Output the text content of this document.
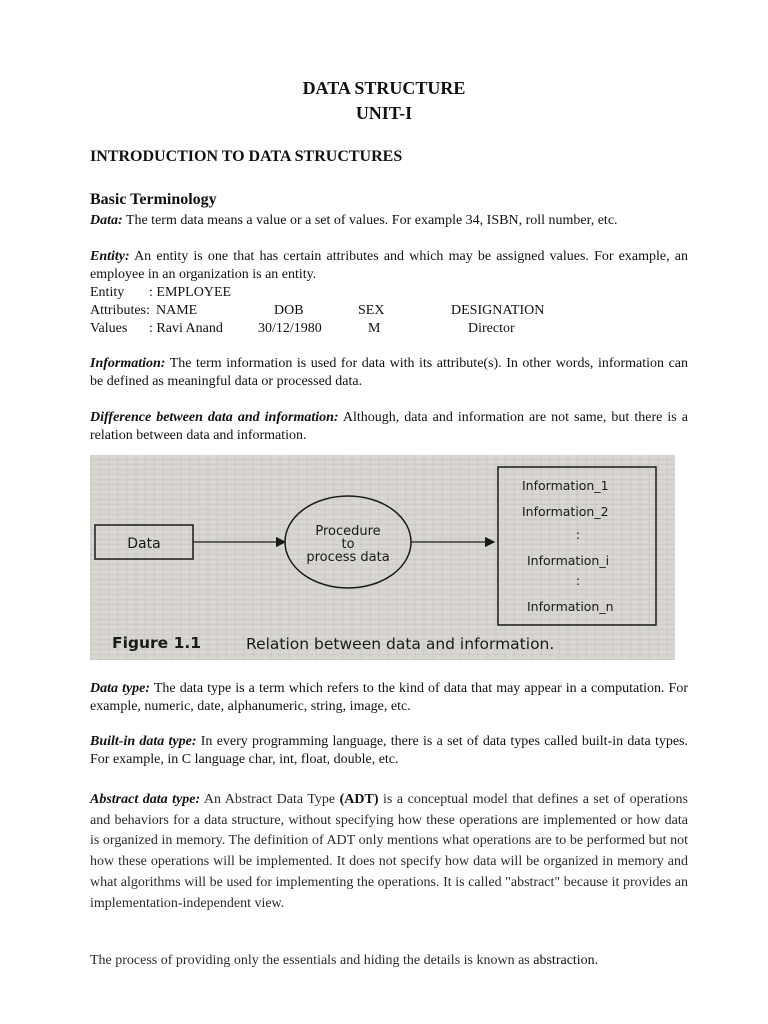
DATA STRUCTURE
UNIT-I
INTRODUCTION TO DATA STRUCTURES
Basic Terminology

Data: The term data means a value or a set of values. For example 34, ISBN, roll number, etc.

Entity: An entity is one that has certain attributes and which may be assigned values. For example, an employee in an organization is an entity.

Entity : EMPLOYEE
Attributes: NAME	DOB	SEX	DESIGNATION
Values : Ravi Anand	30/12/1980	M	Director

Information: The term information is used for data with its attribute(s). In other words, information can be defined as meaningful data or processed data.

Difference between data and information: Although, data and information are not same, but there is a relation between data and information.

Data
Procedure
to
process data
Information_1
Information_2
:
Information_i
:
Information_n
Figure 1.1	Relation between data and information.

Data type: The data type is a term which refers to the kind of data that may appear in a computation. For example, numeric, date, alphanumeric, string, image, etc.

Built-in data type: In every programming language, there is a set of data types called built-in data types. For example, in C language char, int, float, double, etc.

Abstract data type: An Abstract Data Type (ADT) is a conceptual model that defines a set of operations and behaviors for a data structure, without specifying how these operations are implemented or how data is organized in memory. The definition of ADT only mentions what operations are to be performed but not how these operations will be implemented. It does not specify how data will be organized in memory and what algorithms will be used for implementing the operations. It is called "abstract" because it provides an implementation-independent view.

The process of providing only the essentials and hiding the details is known as abstraction.
